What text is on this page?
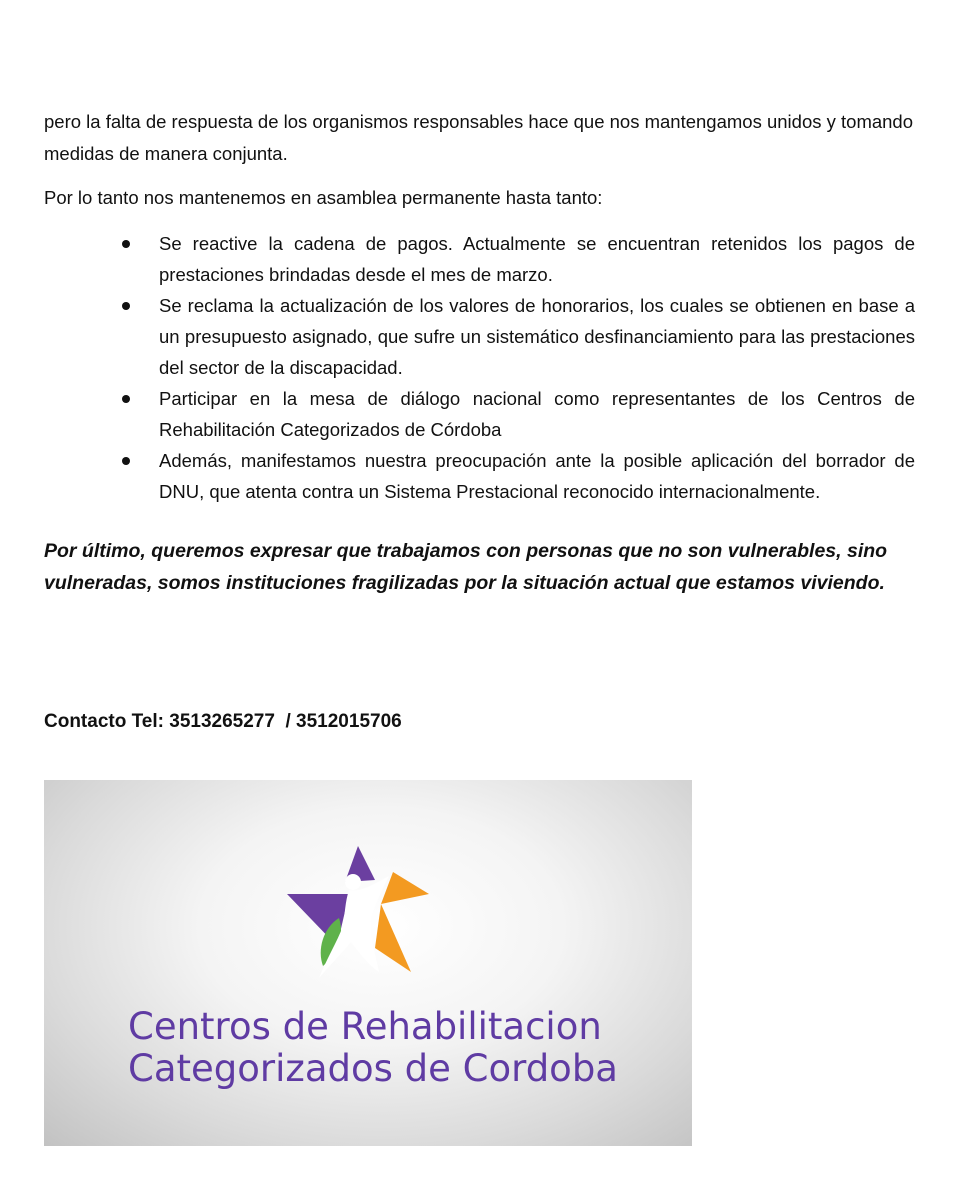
pero la falta de respuesta de los organismos responsables hace que nos mantengamos unidos y tomando medidas de manera conjunta.
Por lo tanto nos mantenemos en asamblea permanente hasta tanto:
Se reactive la cadena de pagos. Actualmente se encuentran retenidos los pagos de prestaciones brindadas desde el mes de marzo.
Se reclama la actualización de los valores de honorarios, los cuales se obtienen en base a un presupuesto asignado, que sufre un sistemático desfinanciamiento para las prestaciones del sector de la discapacidad.
Participar en la mesa de diálogo nacional como representantes de los Centros de Rehabilitación Categorizados de Córdoba
Además, manifestamos nuestra preocupación ante la posible aplicación del borrador de DNU, que atenta contra un Sistema Prestacional reconocido internacionalmente.
Por último, queremos expresar que trabajamos con personas que no son vulnerables, sino vulneradas, somos instituciones fragilizadas por la situación actual que estamos viviendo.
Contacto Tel: 3513265277  / 3512015706
Centros de Rehabilitacion
Categorizados de Cordoba
